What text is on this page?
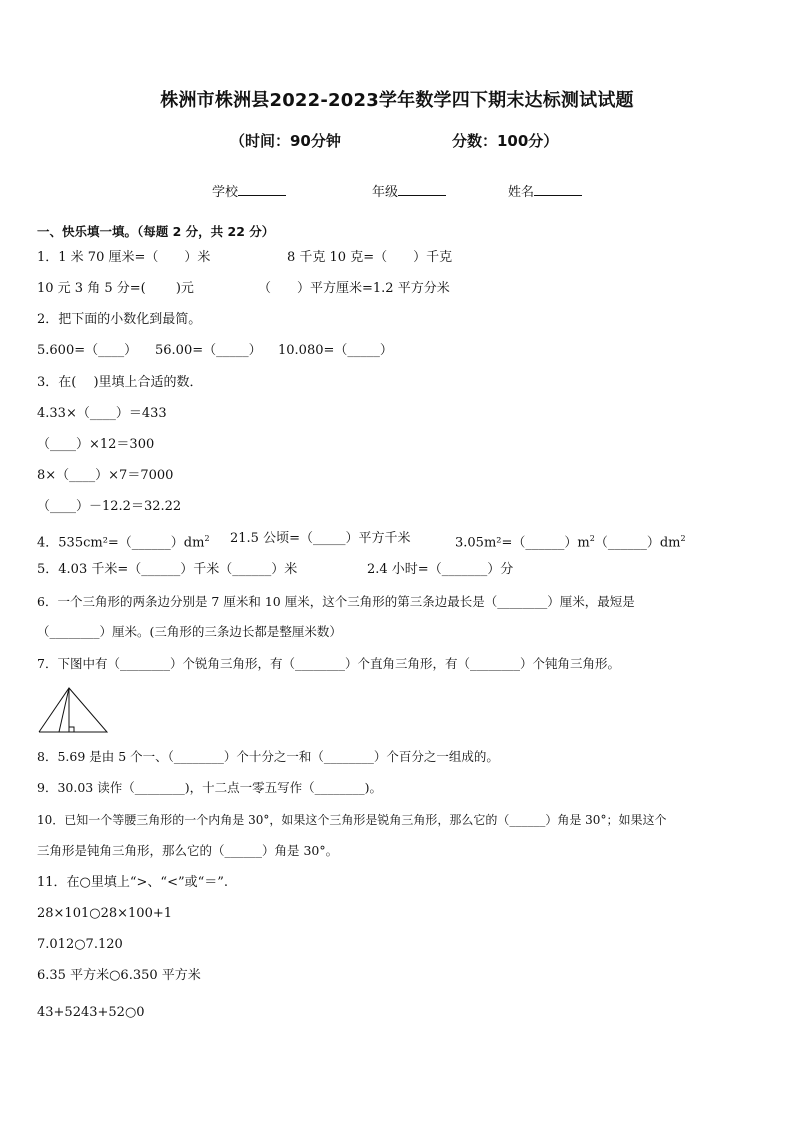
株洲市株洲县2022-2023学年数学四下期末达标测试试题
（时间：90分钟	分数：100分）
学校	年级	姓名
一、快乐填一填。（每题 2 分，共 22 分）
1．1 米 70 厘米=（　　）米	8 千克 10 克=（　　）千克
10 元 3 角 5 分=(　　 )元	（　　）平方厘米=1.2 平方分米
2．把下面的小数化到最简。
5.600=（____） 56.00=（_____） 10.080=（_____）
3．在(　 )里填上合适的数．
4.33×（____）＝433
（____）×12＝300
8×（____）×7＝7000
（____）－12.2＝32.22
4．$535cm^2=(\_\_\_\_\_\_)dm^2$ 21.5 公顷=（_____）平方千米	$3.05m^2=(\_\_\_\_\_\_)m^2(\_\_\_\_\_\_)dm^2$
5．4.03 千米=（______）千米（______）米	2.4 小时=（_______）分
6．一个三角形的两条边分别是 7 厘米和 10 厘米，这个三角形的第三条边最长是（________）厘米，最短是
（________）厘米。(三角形的三条边长都是整厘米数）
7．下图中有（________）个锐角三角形，有（________）个直角三角形，有（________）个钝角三角形。
8．5.69 是由 5 个一、（________）个十分之一和（________）个百分之一组成的。
9．30.03 读作（________)，十二点一零五写作（________)。
10．已知一个等腰三角形的一个内角是 30°，如果这个三角形是锐角三角形，那么它的（______）角是 30°；如果这个
三角形是钝角三角形，那么它的（______）角是 30°。
11．在○里填上“>、“<”或“＝”.
28×101○28×100+1
7.012○7.120
6.35 平方米○6.350 平方米
43+5243+52○0
